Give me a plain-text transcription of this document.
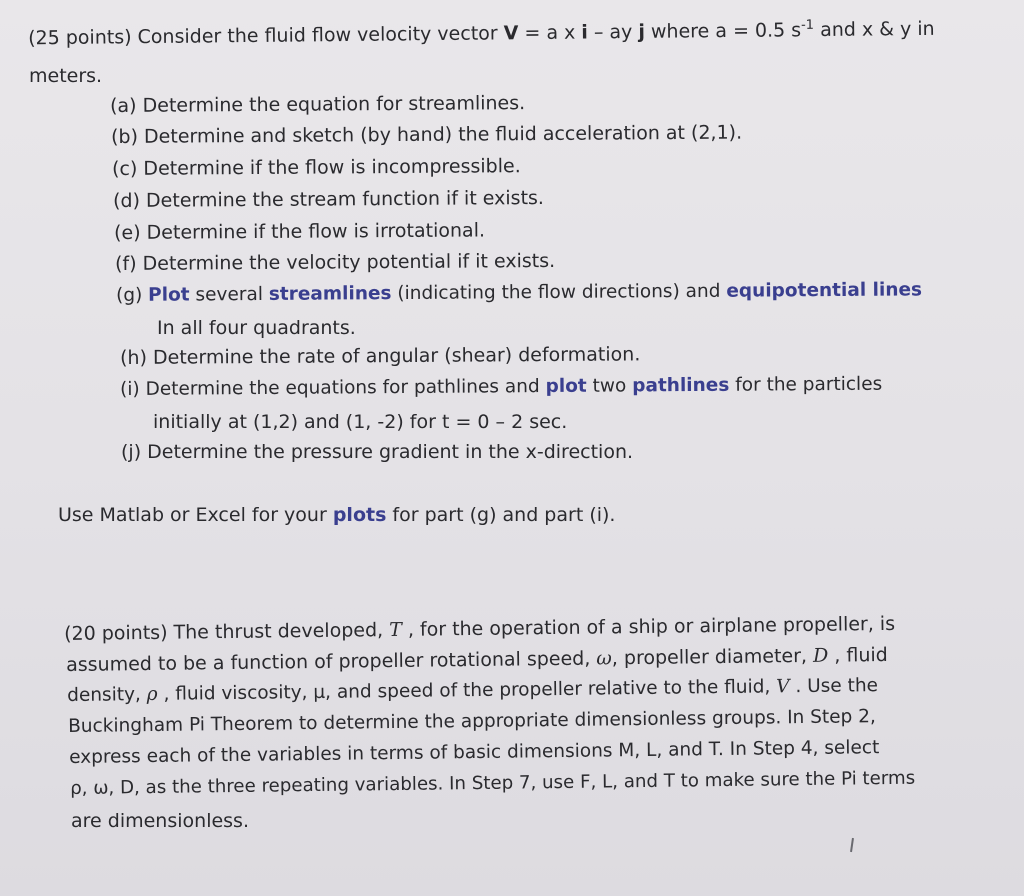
(25 points) Consider the fluid flow velocity vector V = a x i – ay j where a = 0.5 $s^{-1}$ and x & y in
meters.
(a) Determine the equation for streamlines.
(b) Determine and sketch (by hand) the fluid acceleration at (2,1).
(c) Determine if the flow is incompressible.
(d) Determine the stream function if it exists.
(e) Determine if the flow is irrotational.
(f) Determine the velocity potential if it exists.
(g) Plot several streamlines (indicating the flow directions) and equipotential lines
In all four quadrants.
(h) Determine the rate of angular (shear) deformation.
(i) Determine the equations for pathlines and plot two pathlines for the particles
initially at (1,2) and (1, -2) for t = 0 – 2 sec.
(j) Determine the pressure gradient in the x-direction.
Use Matlab or Excel for your plots for part (g) and part (i).
(20 points) The thrust developed, T , for the operation of a ship or airplane propeller, is
assumed to be a function of propeller rotational speed, ω, propeller diameter, D , fluid
density, ρ , fluid viscosity, μ, and speed of the propeller relative to the fluid, V . Use the
Buckingham Pi Theorem to determine the appropriate dimensionless groups. In Step 2,
express each of the variables in terms of basic dimensions M, L, and T. In Step 4, select
ρ, ω, D, as the three repeating variables. In Step 7, use F, L, and T to make sure the Pi terms
are dimensionless.
